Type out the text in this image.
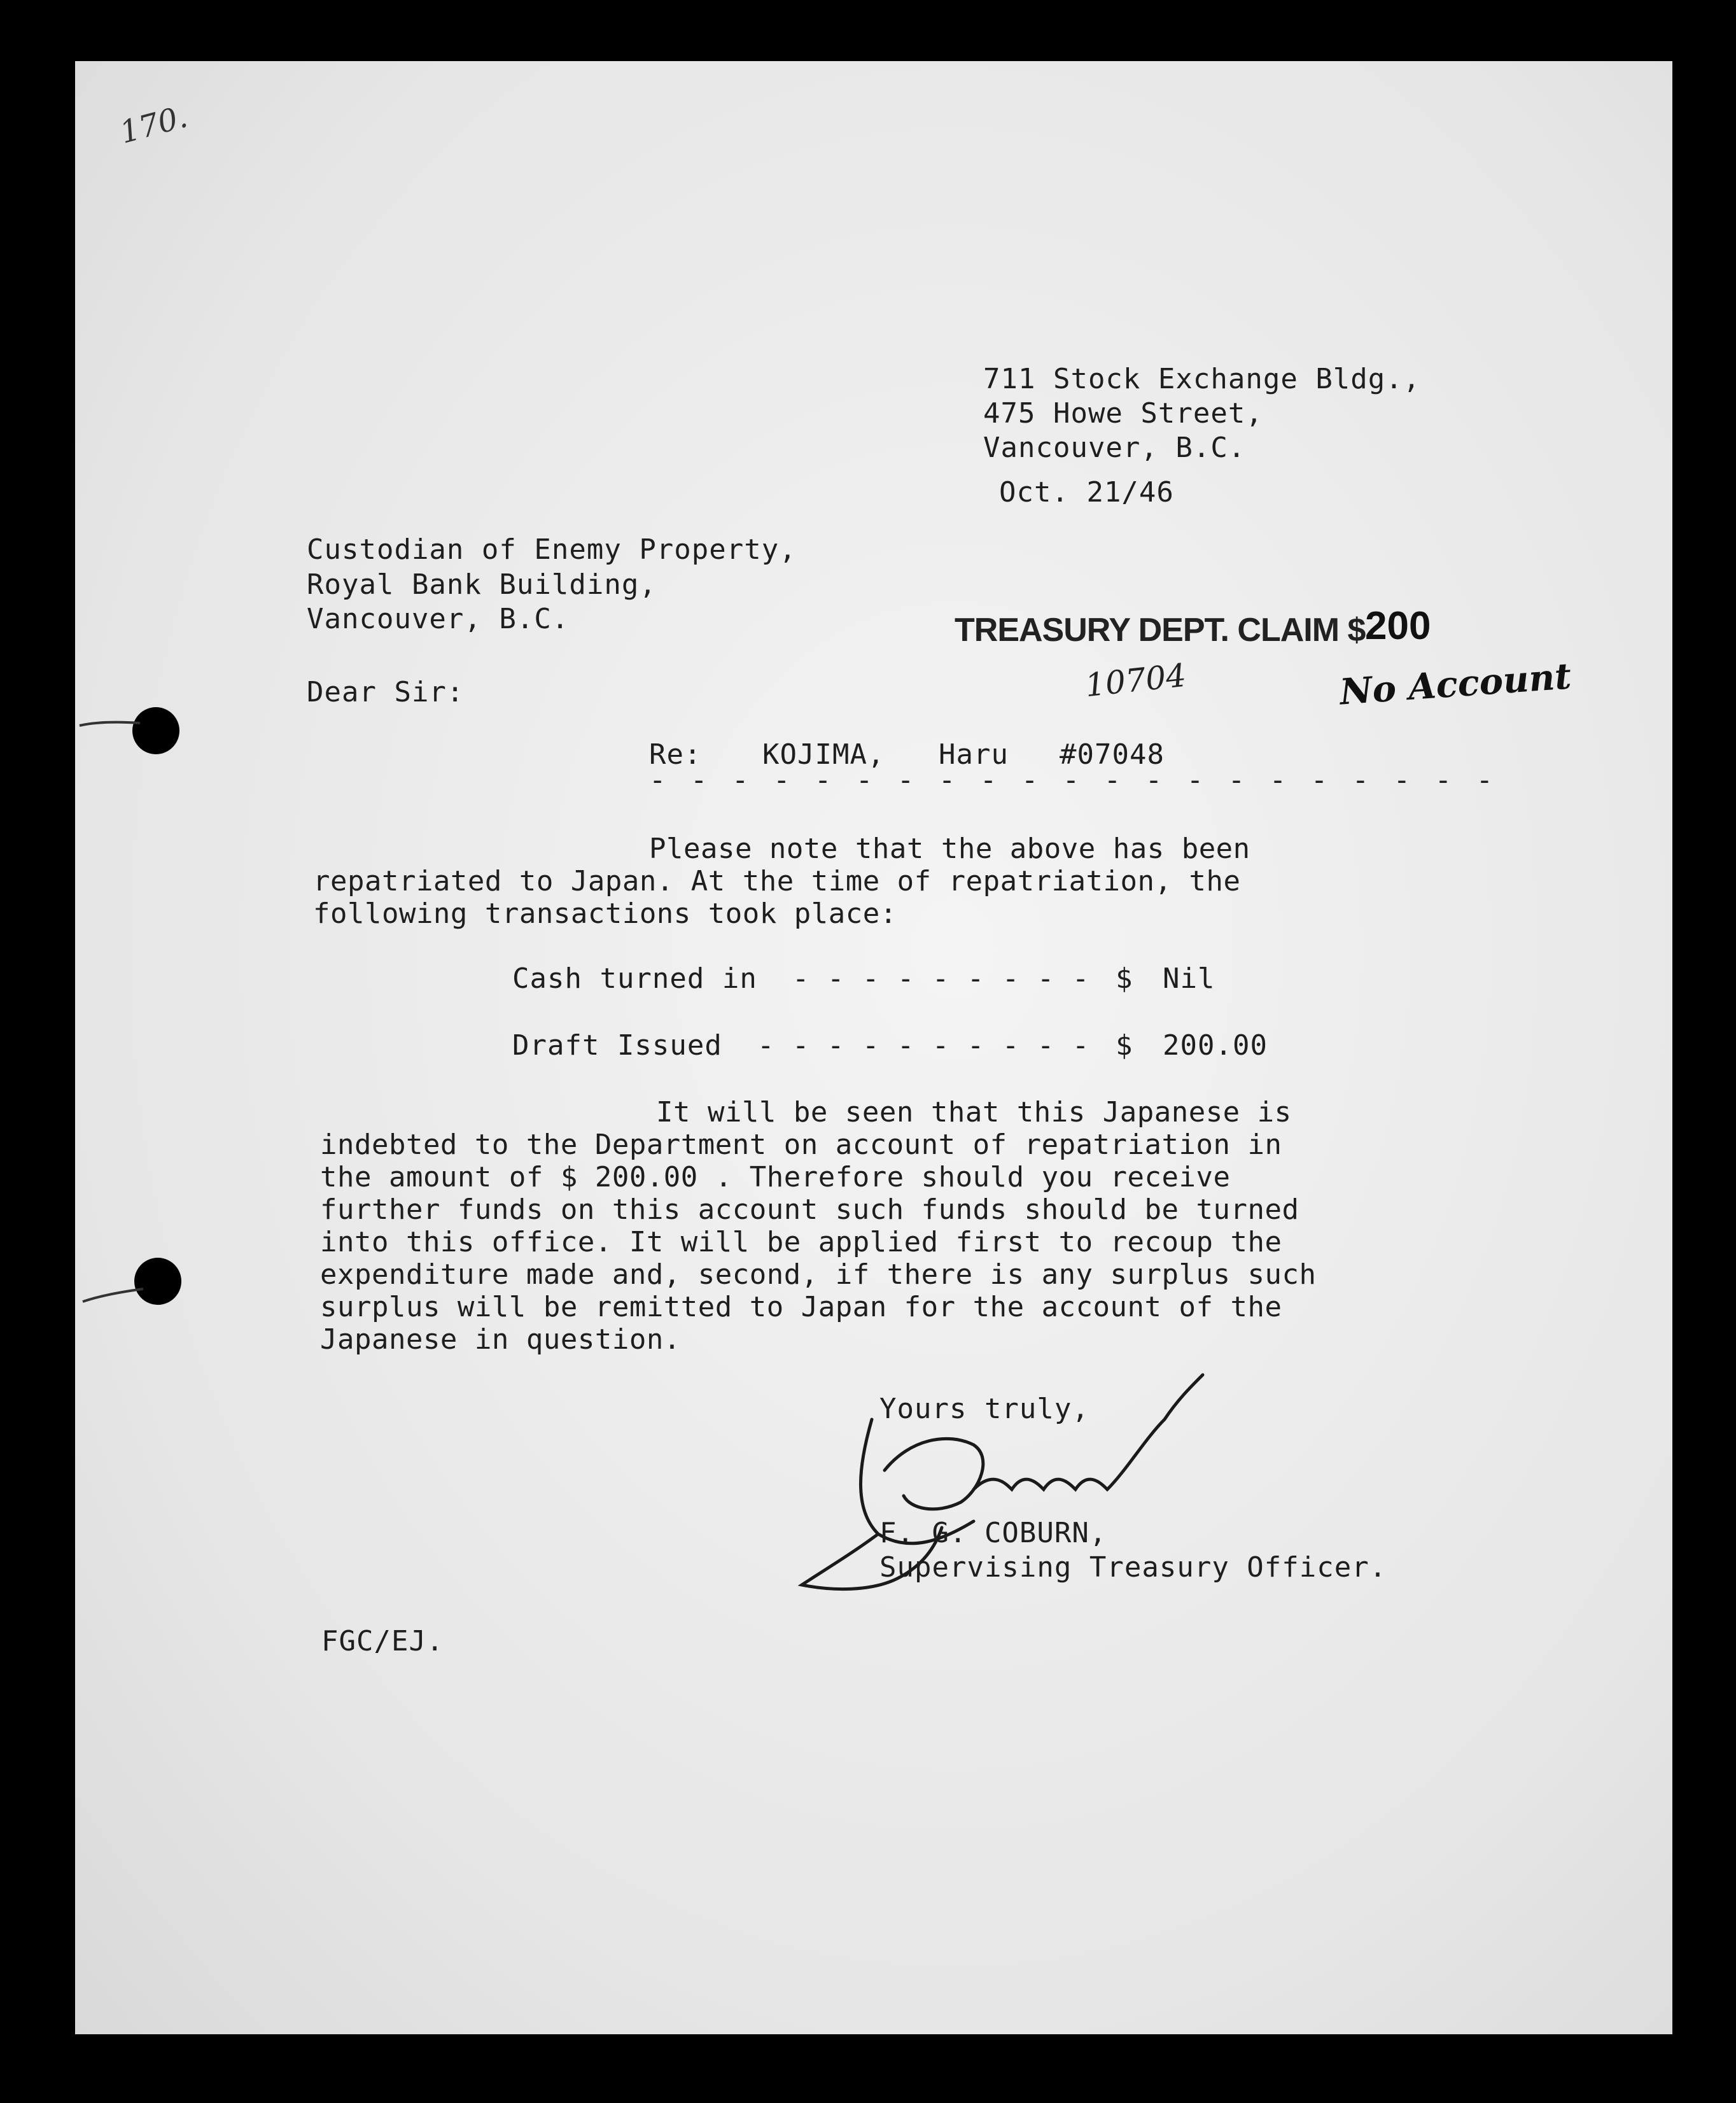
170.
711 Stock Exchange Bldg.,
475 Howe Street,
Vancouver, B.C.
Oct. 21/46
Custodian of Enemy Property,
Royal Bank Building,
Vancouver, B.C.	TREASURY DEPT. CLAIM $ 200
No Account
Dear Sir:	10704
Re: KOJIMA, Haru #07048
- - - - - - - - - - - - - - - - - - - - -

Please note that the above has been
repatriated to Japan. At the time of repatriation, the
following transactions took place:

Cash turned in - - - - - - - - - $ Nil
Draft Issued - - - - - - - - - - $ 200.00

It will be seen that this Japanese is
indebted to the Department on account of repatriation in
the amount of $ 200.00 . Therefore should you receive
further funds on this account such funds should be turned
into this office. It will be applied first to recoup the
expenditure made and, second, if there is any surplus such
surplus will be remitted to Japan for the account of the
Japanese in question.

Yours truly,
F. G. COBURN,
Supervising Treasury Officer.
FGC/EJ.
